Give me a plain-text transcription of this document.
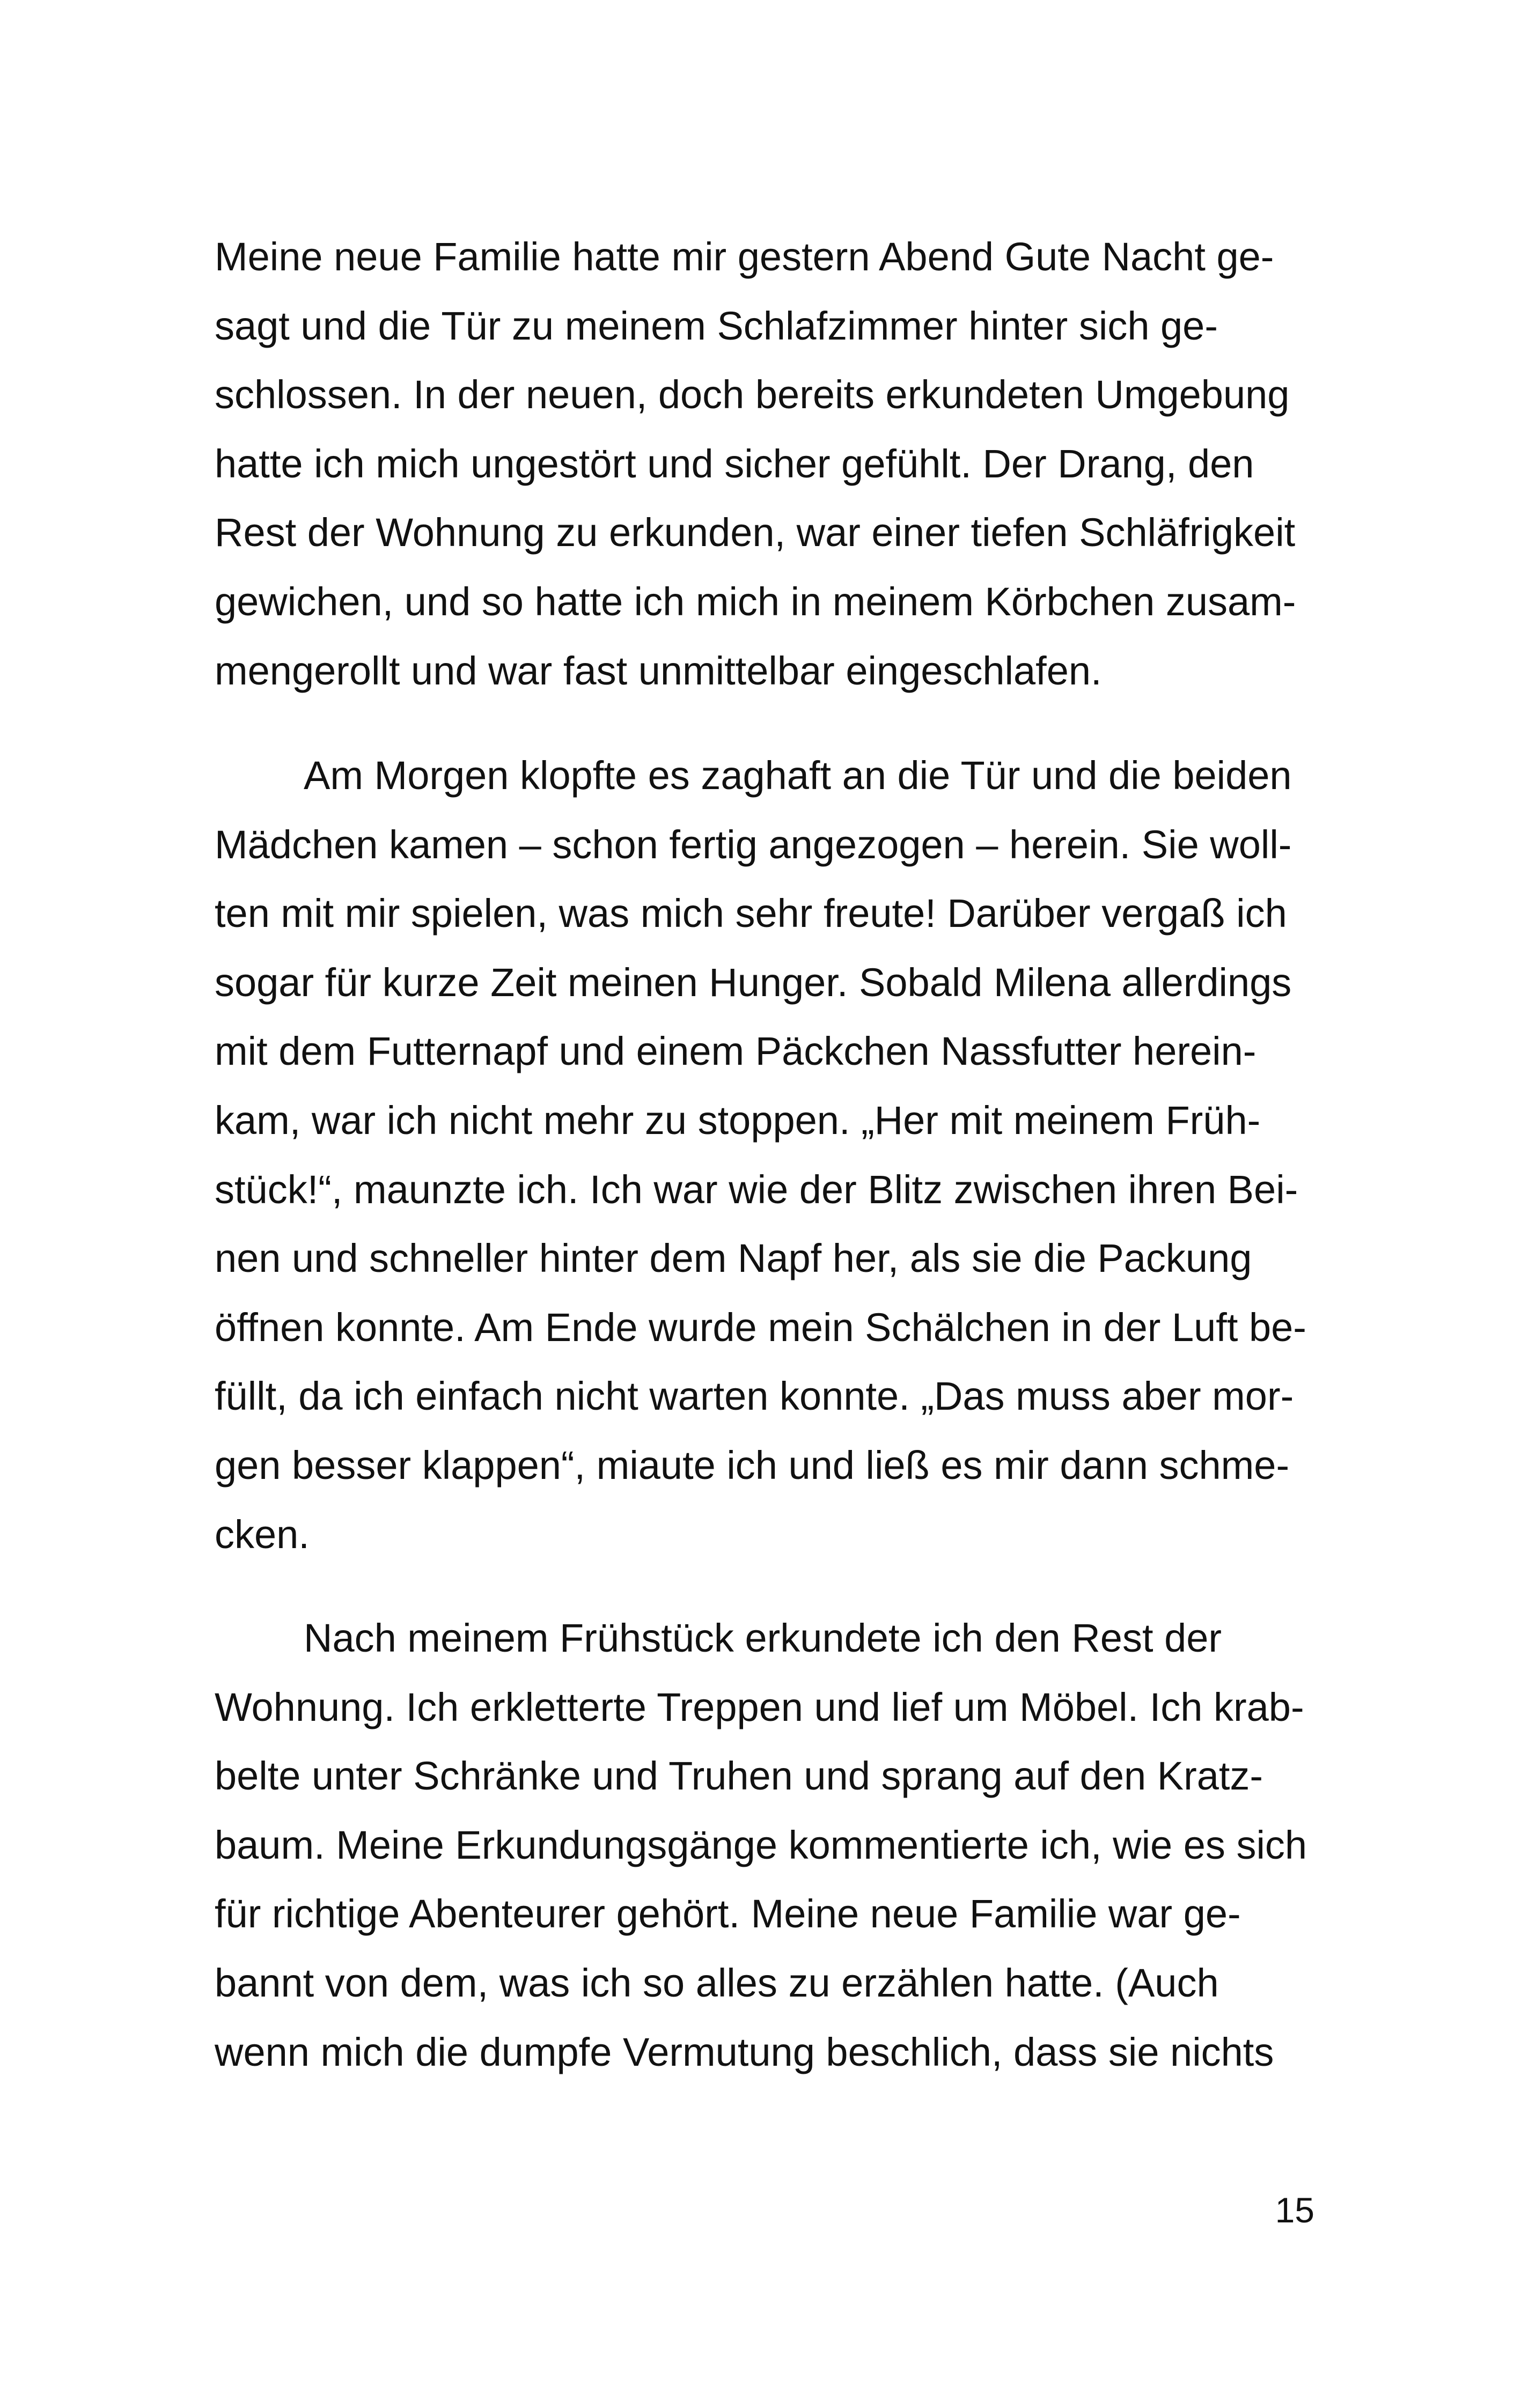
Meine neue Familie hatte mir gestern Abend Gute Nacht ge-
sagt und die Tür zu meinem Schlafzimmer hinter sich ge-
schlossen. In der neuen, doch bereits erkundeten Umgebung
hatte ich mich ungestört und sicher gefühlt. Der Drang, den
Rest der Wohnung zu erkunden, war einer tiefen Schläfrigkeit
gewichen, und so hatte ich mich in meinem Körbchen zusam-
mengerollt und war fast unmittelbar eingeschlafen.
Am Morgen klopfte es zaghaft an die Tür und die beiden
Mädchen kamen – schon fertig angezogen – herein. Sie woll-
ten mit mir spielen, was mich sehr freute! Darüber vergaß ich
sogar für kurze Zeit meinen Hunger. Sobald Milena allerdings
mit dem Futternapf und einem Päckchen Nassfutter herein-
kam, war ich nicht mehr zu stoppen. „Her mit meinem Früh-
stück!“, maunzte ich. Ich war wie der Blitz zwischen ihren Bei-
nen und schneller hinter dem Napf her, als sie die Packung
öffnen konnte. Am Ende wurde mein Schälchen in der Luft be-
füllt, da ich einfach nicht warten konnte. „Das muss aber mor-
gen besser klappen“, miaute ich und ließ es mir dann schme-
cken.
Nach meinem Frühstück erkundete ich den Rest der
Wohnung. Ich erkletterte Treppen und lief um Möbel. Ich krab-
belte unter Schränke und Truhen und sprang auf den Kratz-
baum. Meine Erkundungsgänge kommentierte ich, wie es sich
für richtige Abenteurer gehört. Meine neue Familie war ge-
bannt von dem, was ich so alles zu erzählen hatte. (Auch
wenn mich die dumpfe Vermutung beschlich, dass sie nichts
15
